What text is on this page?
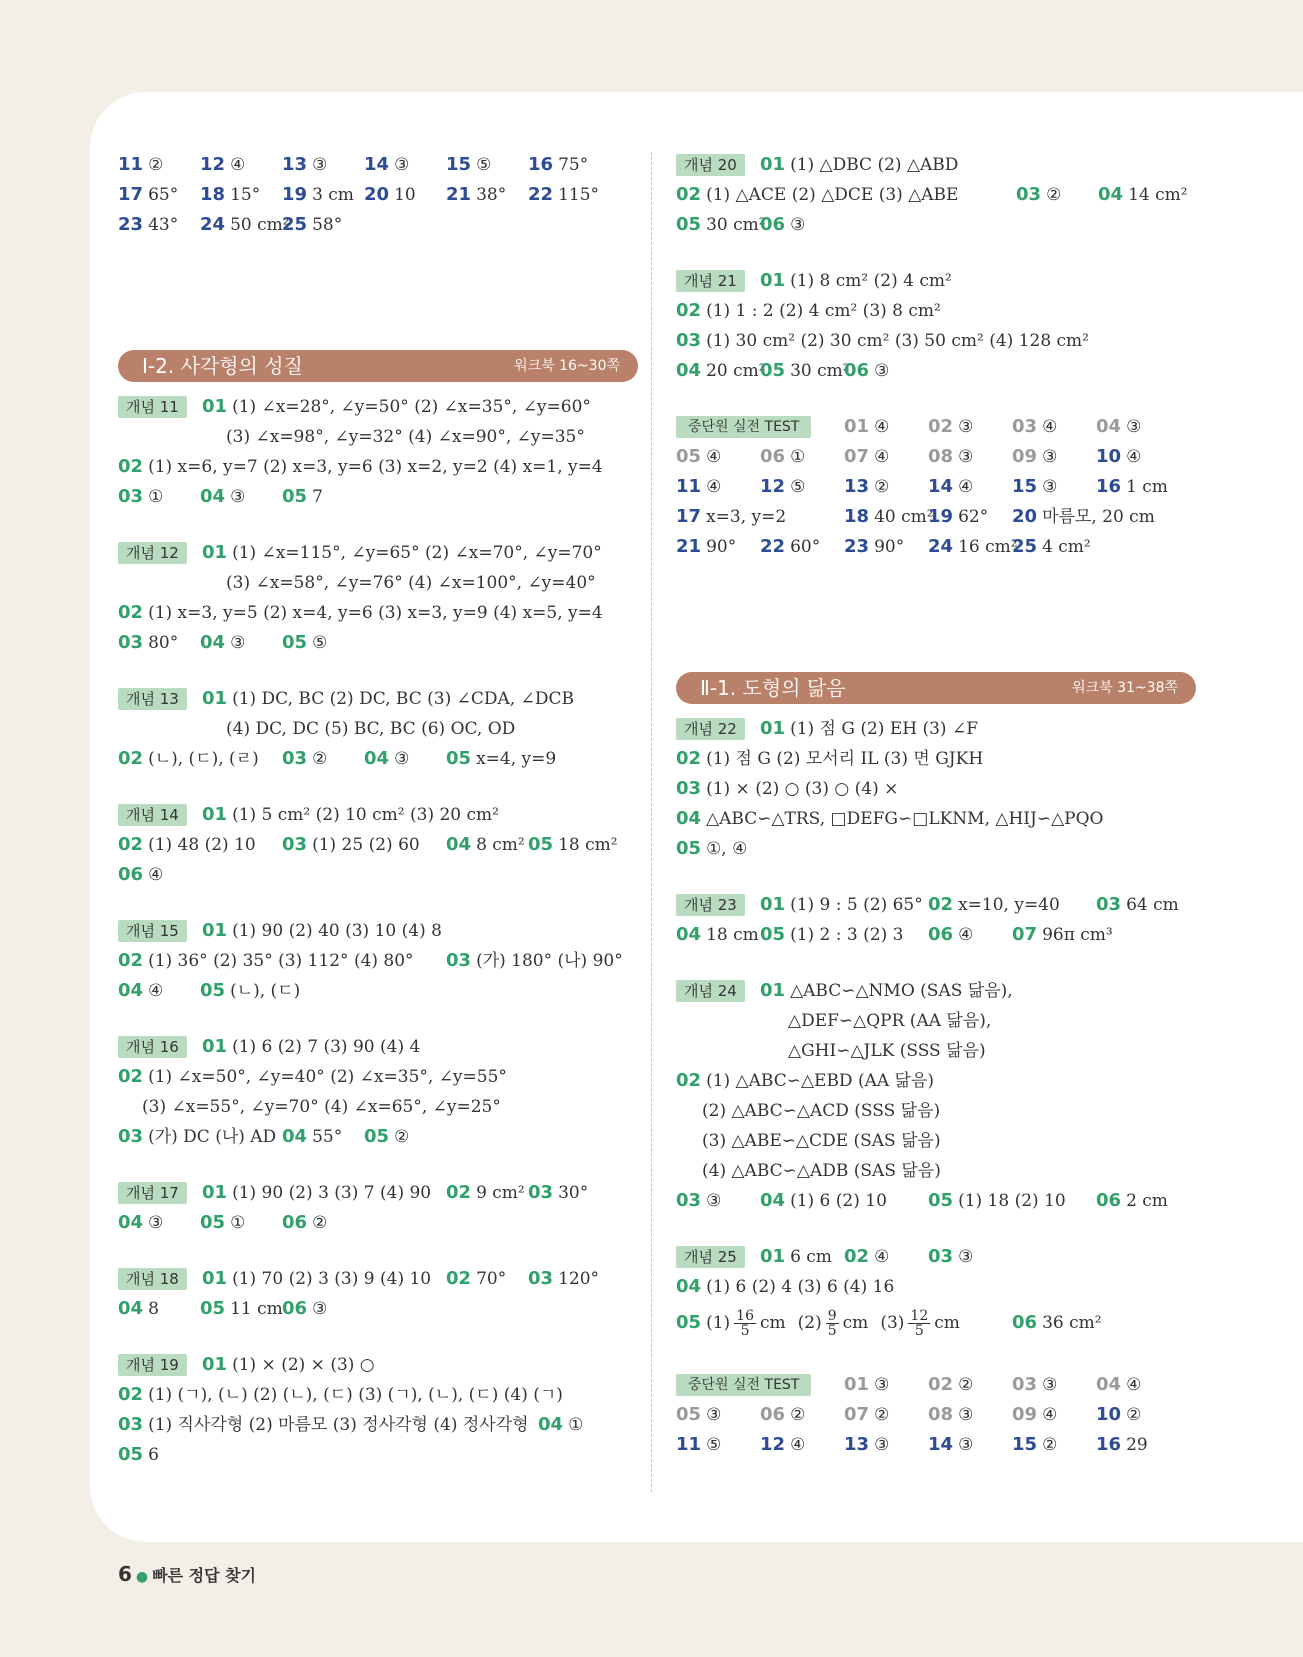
11 ② 12 ④ 13 ③ 14 ③ 15 ⑤ 16 75°
17 65° 18 15° 19 3 cm 20 10 21 38° 22 115°
23 43° 24 50 cm²
25 58°
Ⅰ-2. 사각형의 성질	워크북 16~30쪽
개념 11	01 (1) ∠x=28°, ∠y=50° (2) ∠x=35°, ∠y=60°
(3) ∠x=98°, ∠y=32° (4) ∠x=90°, ∠y=35°
02 (1) x=6, y=7 (2) x=3, y=6 (3) x=2, y=2 (4) x=1, y=4
03 ① 04 ③ 05 7
개념 12	01 (1) ∠x=115°, ∠y=65° (2) ∠x=70°, ∠y=70°
(3) ∠x=58°, ∠y=76° (4) ∠x=100°, ∠y=40°
02 (1) x=3, y=5 (2) x=4, y=6 (3) x=3, y=9 (4) x=5, y=4
03 80° 04 ③ 05 ⑤
개념 13	01 (1) DC, BC (2) DC, BC (3) ∠CDA, ∠DCB
(4) DC, DC (5) BC, BC (6) OC, OD
02 (ㄴ), (ㄷ), (ㄹ) 03 ② 04 ③ 05 x=4, y=9
개념 14	01 (1) 5 cm² (2) 10 cm² (3) 20 cm²
02 (1) 48 (2) 10 03 (1) 25 (2) 60 04 8 cm² 05 18 cm²
06 ④
개념 15	01 (1) 90 (2) 40 (3) 10 (4) 8
02 (1) 36° (2) 35° (3) 112° (4) 80° 03 (가) 180° (나) 90°
04 ④ 05 (ㄴ), (ㄷ)
개념 16	01 (1) 6 (2) 7 (3) 90 (4) 4
02 (1) ∠x=50°, ∠y=40° (2) ∠x=35°, ∠y=55°
(3) ∠x=55°, ∠y=70° (4) ∠x=65°, ∠y=25°
03 (가) DC (나) AD 04 55° 05 ②
개념 17	01 (1) 90 (2) 3 (3) 7 (4) 90 02 9 cm² 03 30°
04 ③ 05 ① 06 ②
개념 18	01 (1) 70 (2) 3 (3) 9 (4) 10 02 70° 03 120°
04 8 05 11 cm 06 ③
개념 19	01 (1) × (2) × (3) ○
02 (1) (ㄱ), (ㄴ) (2) (ㄴ), (ㄷ) (3) (ㄱ), (ㄴ), (ㄷ) (4) (ㄱ)
03 (1) 직사각형 (2) 마름모 (3) 정사각형 (4) 정사각형 04 ①
05 6
개념 20	01 (1) △DBC (2) △ABD
02 (1) △ACE (2) △DCE (3) △ABE	03 ② 04 14 cm²
05 30 cm²
06 ③
개념 21	01 (1) 8 cm² (2) 4 cm²
02 (1) 1 : 2 (2) 4 cm² (3) 8 cm²
03 (1) 30 cm² (2) 30 cm² (3) 50 cm² (4) 128 cm²
04 20 cm²
05 30 cm²
06 ③
중단원 실전 TEST	01 ④ 02 ③ 03 ④ 04 ③
05 ④ 06 ① 07 ④ 08 ③ 09 ③ 10 ④
11 ④ 12 ⑤ 13 ② 14 ④ 15 ③ 16 1 cm
17 x=3, y=2	18 40 cm²
19 62° 20 마름모, 20 cm
21 90° 22 60° 23 90° 24 16 cm²
25 4 cm²
Ⅱ-1. 도형의 닮음	워크북 31~38쪽
개념 22	01 (1) 점 G (2) EH (3) ∠F
02 (1) 점 G (2) 모서리 IL (3) 면 GJKH
03 (1) × (2) ○ (3) ○ (4) ×
04 △ABC∽△TRS, □DEFG∽□LKNM, △HIJ∽△PQO
05 ①, ④
개념 23	01 (1) 9 : 5 (2) 65° 02 x=10, y=40 03 64 cm
04 18 cm 05 (1) 2 : 3 (2) 3 06 ④ 07 96π cm³
개념 24	01 △ABC∽△NMO (SAS 닮음),
△DEF∽△QPR (AA 닮음),
△GHI∽△JLK (SSS 닮음)
02 (1) △ABC∽△EBD (AA 닮음)
(2) △ABC∽△ACD (SSS 닮음)
(3) △ABE∽△CDE (SAS 닮음)
(4) △ABC∽△ADB (SAS 닮음)
03 ③ 04 (1) 6 (2) 10 05 (1) 18 (2) 10 06 2 cm
개념 25	01 6 cm 02 ④ 03 ③
04 (1) 6 (2) 4 (3) 6 (4) 16
05 $(1) \frac{16}{5}$ cm $(2) \frac{9}{5}$ cm $(3) \frac{12}{5}$ cm	06 36 cm²
중단원 실전 TEST	01 ③ 02 ② 03 ③ 04 ④
05 ③ 06 ② 07 ② 08 ③ 09 ④ 10 ②
11 ⑤ 12 ④ 13 ③ 14 ③ 15 ② 16 29
6 ● 빠른 정답 찾기
